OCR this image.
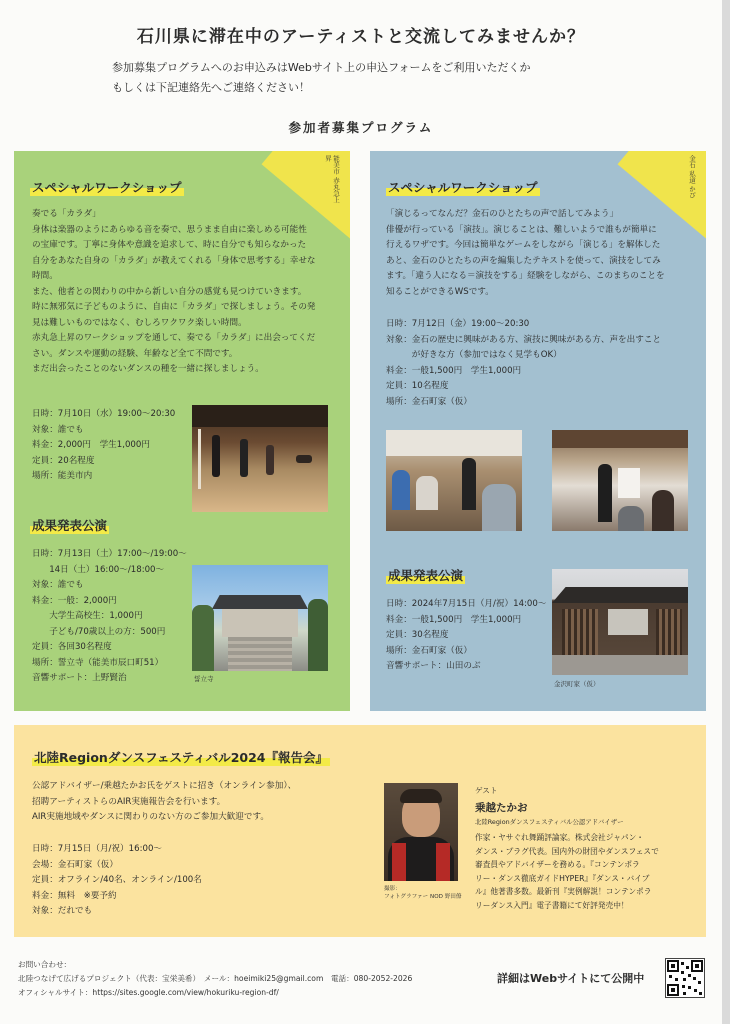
石川県に滞在中のアーティストと交流してみませんか？
参加募集プログラムへのお申込みはWebサイト上の申込フォームをご利用いただくか
もしくは下記連絡先へご連絡ください！
参加者募集プログラム
能美市 赤丸急上昇
スペシャルワークショップ
奏でる「カラダ」
身体は楽器のようにあらゆる音を奏で、思うまま自由に楽しめる可能性
の宝庫です。丁寧に身体や意識を追求して、時に自分でも知らなかった
自分をあなた自身の「カラダ」が教えてくれる「身体で思考する」幸せな
時間。
また、他者との関わりの中から新しい自分の感覚も見つけていきます。
時に無邪気に子どものように、自由に「カラダ」で探しましょう。その発
見は難しいものではなく、むしろワクワク楽しい時間。
赤丸急上昇のワークショップを通して、奏でる「カラダ」に出会ってくだ
さい。ダンスや運動の経験、年齢など全て不問です。
まだ出会ったことのないダンスの種を一緒に探しましょう。
日時：7月10日（水）19:00〜20:30
対象：誰でも
料金：2,000円　学生1,000円
定員：20名程度
場所：能美市内
成果発表公演
日時：7月13日（土）17:00〜/19:00〜
　　14日（土）16:00〜/18:00〜
対象：誰でも
料金：一般：2,000円
　　大学生高校生：1,000円
　　子ども/70歳以上の方：500円
定員：各回30名程度
場所：誓立寺（能美市辰口町51）
音響サポート：上野賢治	誓立寺
金石 私道 かぴ
スペシャルワークショップ
「演じるってなんだ？金石のひとたちの声で話してみよう」
俳優が行っている「演技」。演じることは、難しいようで誰もが簡単に
行えるワザです。今回は簡単なゲームをしながら「演じる」を解体した
あと、金石のひとたちの声を編集したテキストを使って、演技をしてみ
ます。「違う人になる＝演技をする」経験をしながら、このまちのことを
知ることができるWSです。
日時：7月12日（金）19:00〜20:30
対象：金石の歴史に興味がある方、演技に興味がある方、声を出すこと
　　　が好きな方（参加ではなく見学もOK）
料金：一般1,500円　学生1,000円
定員：10名程度
場所：金石町家（仮）
成果発表公演
日時：2024年7月15日（月/祝）14:00〜
料金：一般1,500円　学生1,000円
定員：30名程度
場所：金石町家（仮）
音響サポート：山田のぶ
金沢町家（仮）
北陸Regionダンスフェスティバル2024『報告会』
公認アドバイザー/乗越たかお氏をゲストに招き（オンライン参加）、
招聘アーティストらのAIR実施報告会を行います。
AIR実施地域やダンスに関わりのない方のご参加大歓迎です。
日時：7月15日（月/祝）16:00〜
会場：金石町家（仮）
定員：オフライン/40名、オンライン/100名
料金：無料　※要予約
対象：だれでも
撮影：
フォトグラファー NOD 野田僚
ゲスト
乗越たかお
北陸Regionダンスフェスティバル公認アドバイザー
作家・ヤサぐれ舞踊評論家。株式会社ジャパン・
ダンス・プラグ代表。国内外の財団やダンスフェスで
審査員やアドバイザーを務める。『コンテンポラ
リー・ダンス徹底ガイドHYPER』『ダンス・バイブ
ル』他著書多数。最新刊『実例解説！コンテンポラ
リーダンス入門』電子書籍にて好評発売中！
お問い合わせ：
北陸つなげて広げるプロジェクト（代表：宝栄美希）　メール：hoeimiki25@gmail.com　電話：080-2052-2026
オフィシャルサイト：https://sites.google.com/view/hokuriku-region-df/
詳細はWebサイトにて公開中
